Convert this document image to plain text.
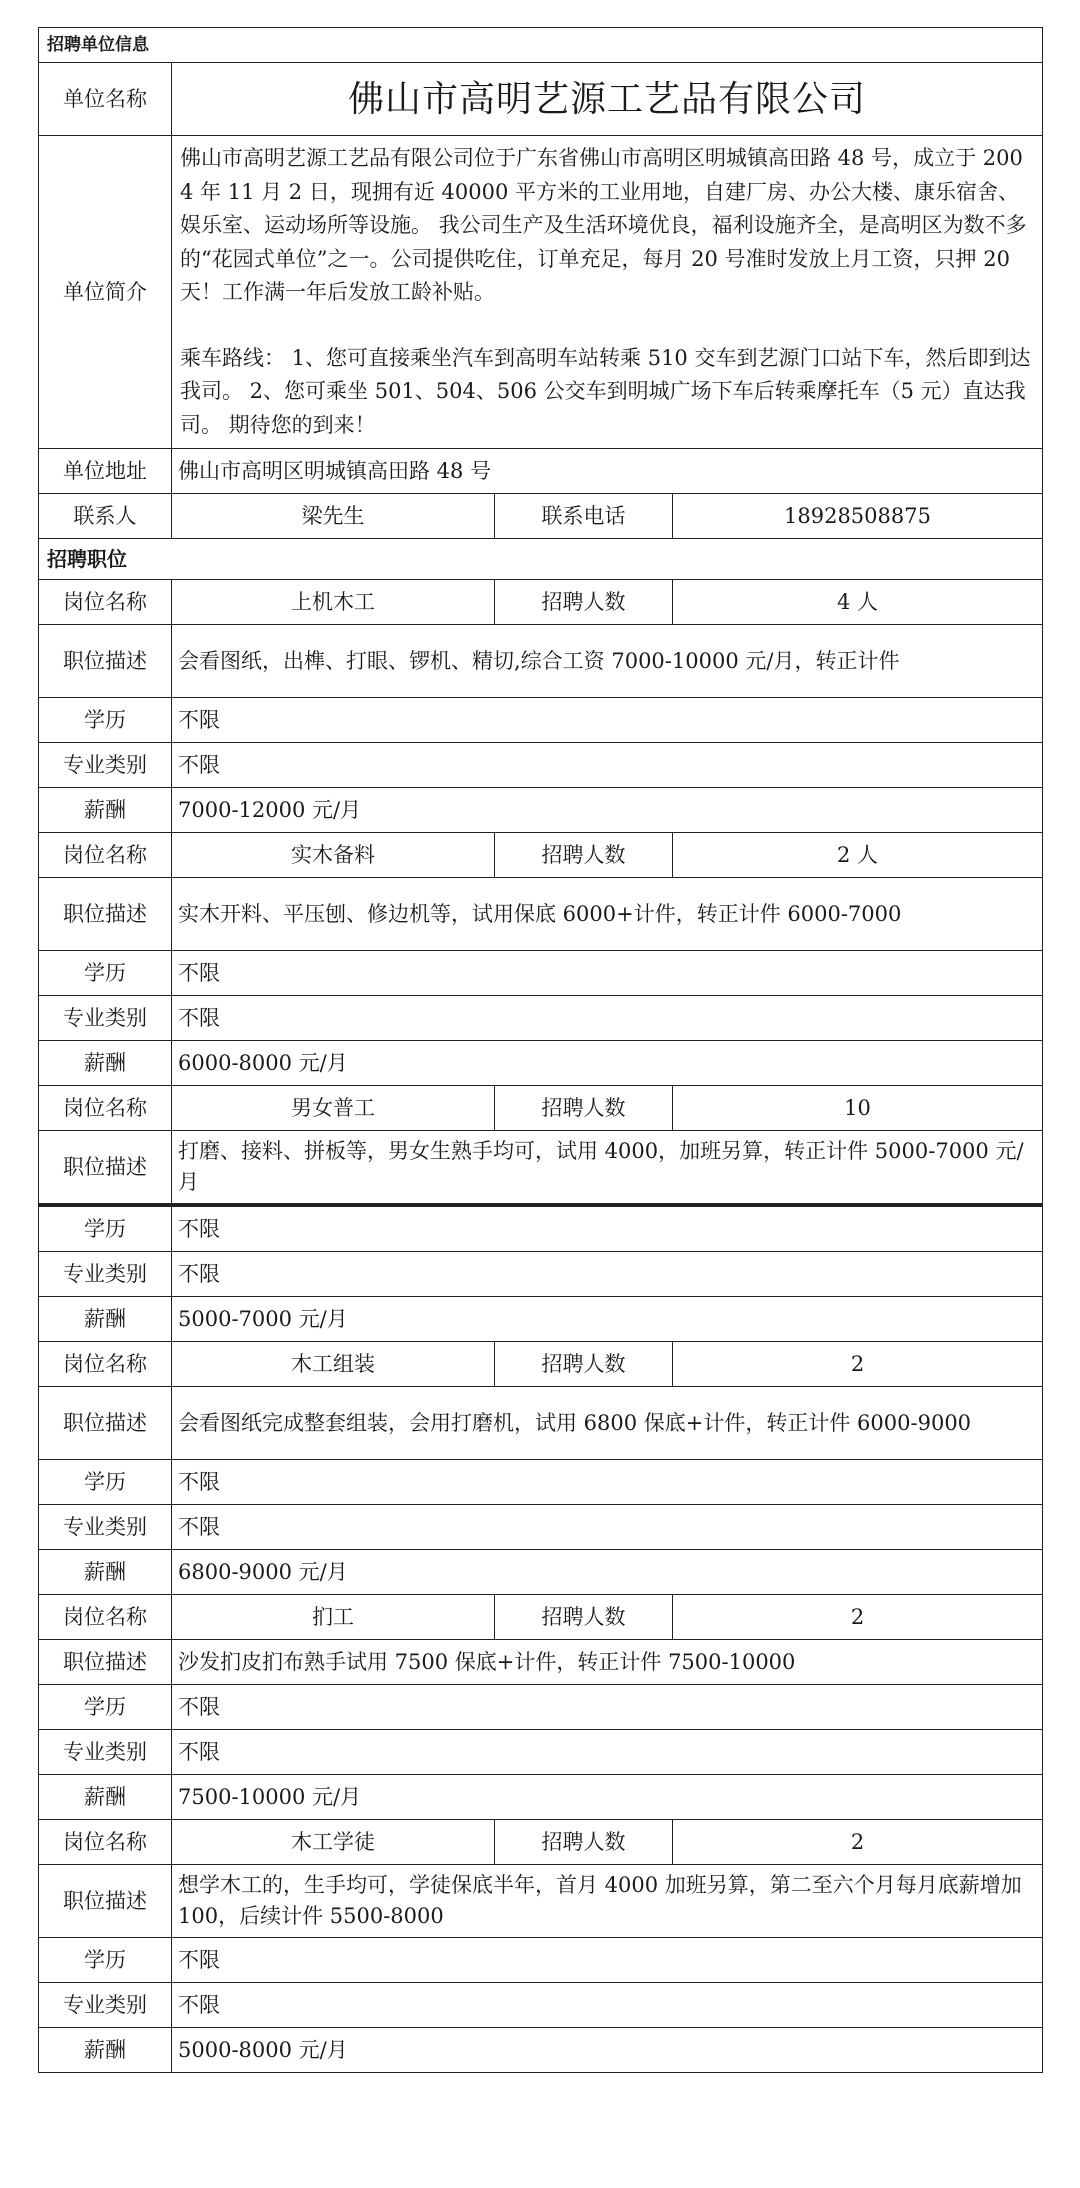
招聘单位信息			
单位名称	佛山市高明艺源工艺品有限公司		
单位简介	佛山市高明艺源工艺品有限公司位于广东省佛山市高明区明城镇高田路 48 号，成立于 2004 年 11 月 2 日，现拥有近 40000 平方米的工业用地，自建厂房、办公大楼、康乐宿舍、娱乐室、运动场所等设施。 我公司生产及生活环境优良，福利设施齐全，是高明区为数不多的“花园式单位”之一。公司提供吃住，订单充足，每月 20 号准时发放上月工资，只押 20 天！工作满一年后发放工龄补贴。

乘车路线： 1、您可直接乘坐汽车到高明车站转乘 510 交车到艺源门口站下车，然后即到达我司。 2、您可乘坐 501、504、506 公交车到明城广场下车后转乘摩托车（5 元）直达我司。 期待您的到来！		

单位地址	佛山市高明区明城镇高田路 48 号		
联系人	梁先生	联系电话	18928508875
招聘职位			
岗位名称	上机木工	招聘人数	4 人
职位描述	会看图纸，出榫、打眼、锣机、精切,综合工资 7000-10000 元/月，转正计件		
学历	不限		
专业类别	不限		
薪酬	7000-12000 元/月		
岗位名称	实木备料	招聘人数	2 人
职位描述	实木开料、平压刨、修边机等，试用保底 6000+计件，转正计件 6000-7000		
学历	不限		
专业类别	不限		
薪酬	6000-8000 元/月		
岗位名称	男女普工	招聘人数	10
职位描述	打磨、接料、拼板等，男女生熟手均可，试用 4000，加班另算，转正计件 5000-7000 元/月		
学历	不限		
专业类别	不限		
薪酬	5000-7000 元/月		
岗位名称	木工组装	招聘人数	2
职位描述	会看图纸完成整套组装，会用打磨机，试用 6800 保底+计件，转正计件 6000-9000		
学历	不限		
专业类别	不限		
薪酬	6800-9000 元/月		
岗位名称	扪工	招聘人数	2
职位描述	沙发扪皮扪布熟手试用 7500 保底+计件，转正计件 7500-10000		
学历	不限		
专业类别	不限		
薪酬	7500-10000 元/月		
岗位名称	木工学徒	招聘人数	2
职位描述	想学木工的，生手均可，学徒保底半年，首月 4000 加班另算，第二至六个月每月底薪增加 100，后续计件 5500-8000		
学历	不限		
专业类别	不限		
薪酬	5000-8000 元/月		
